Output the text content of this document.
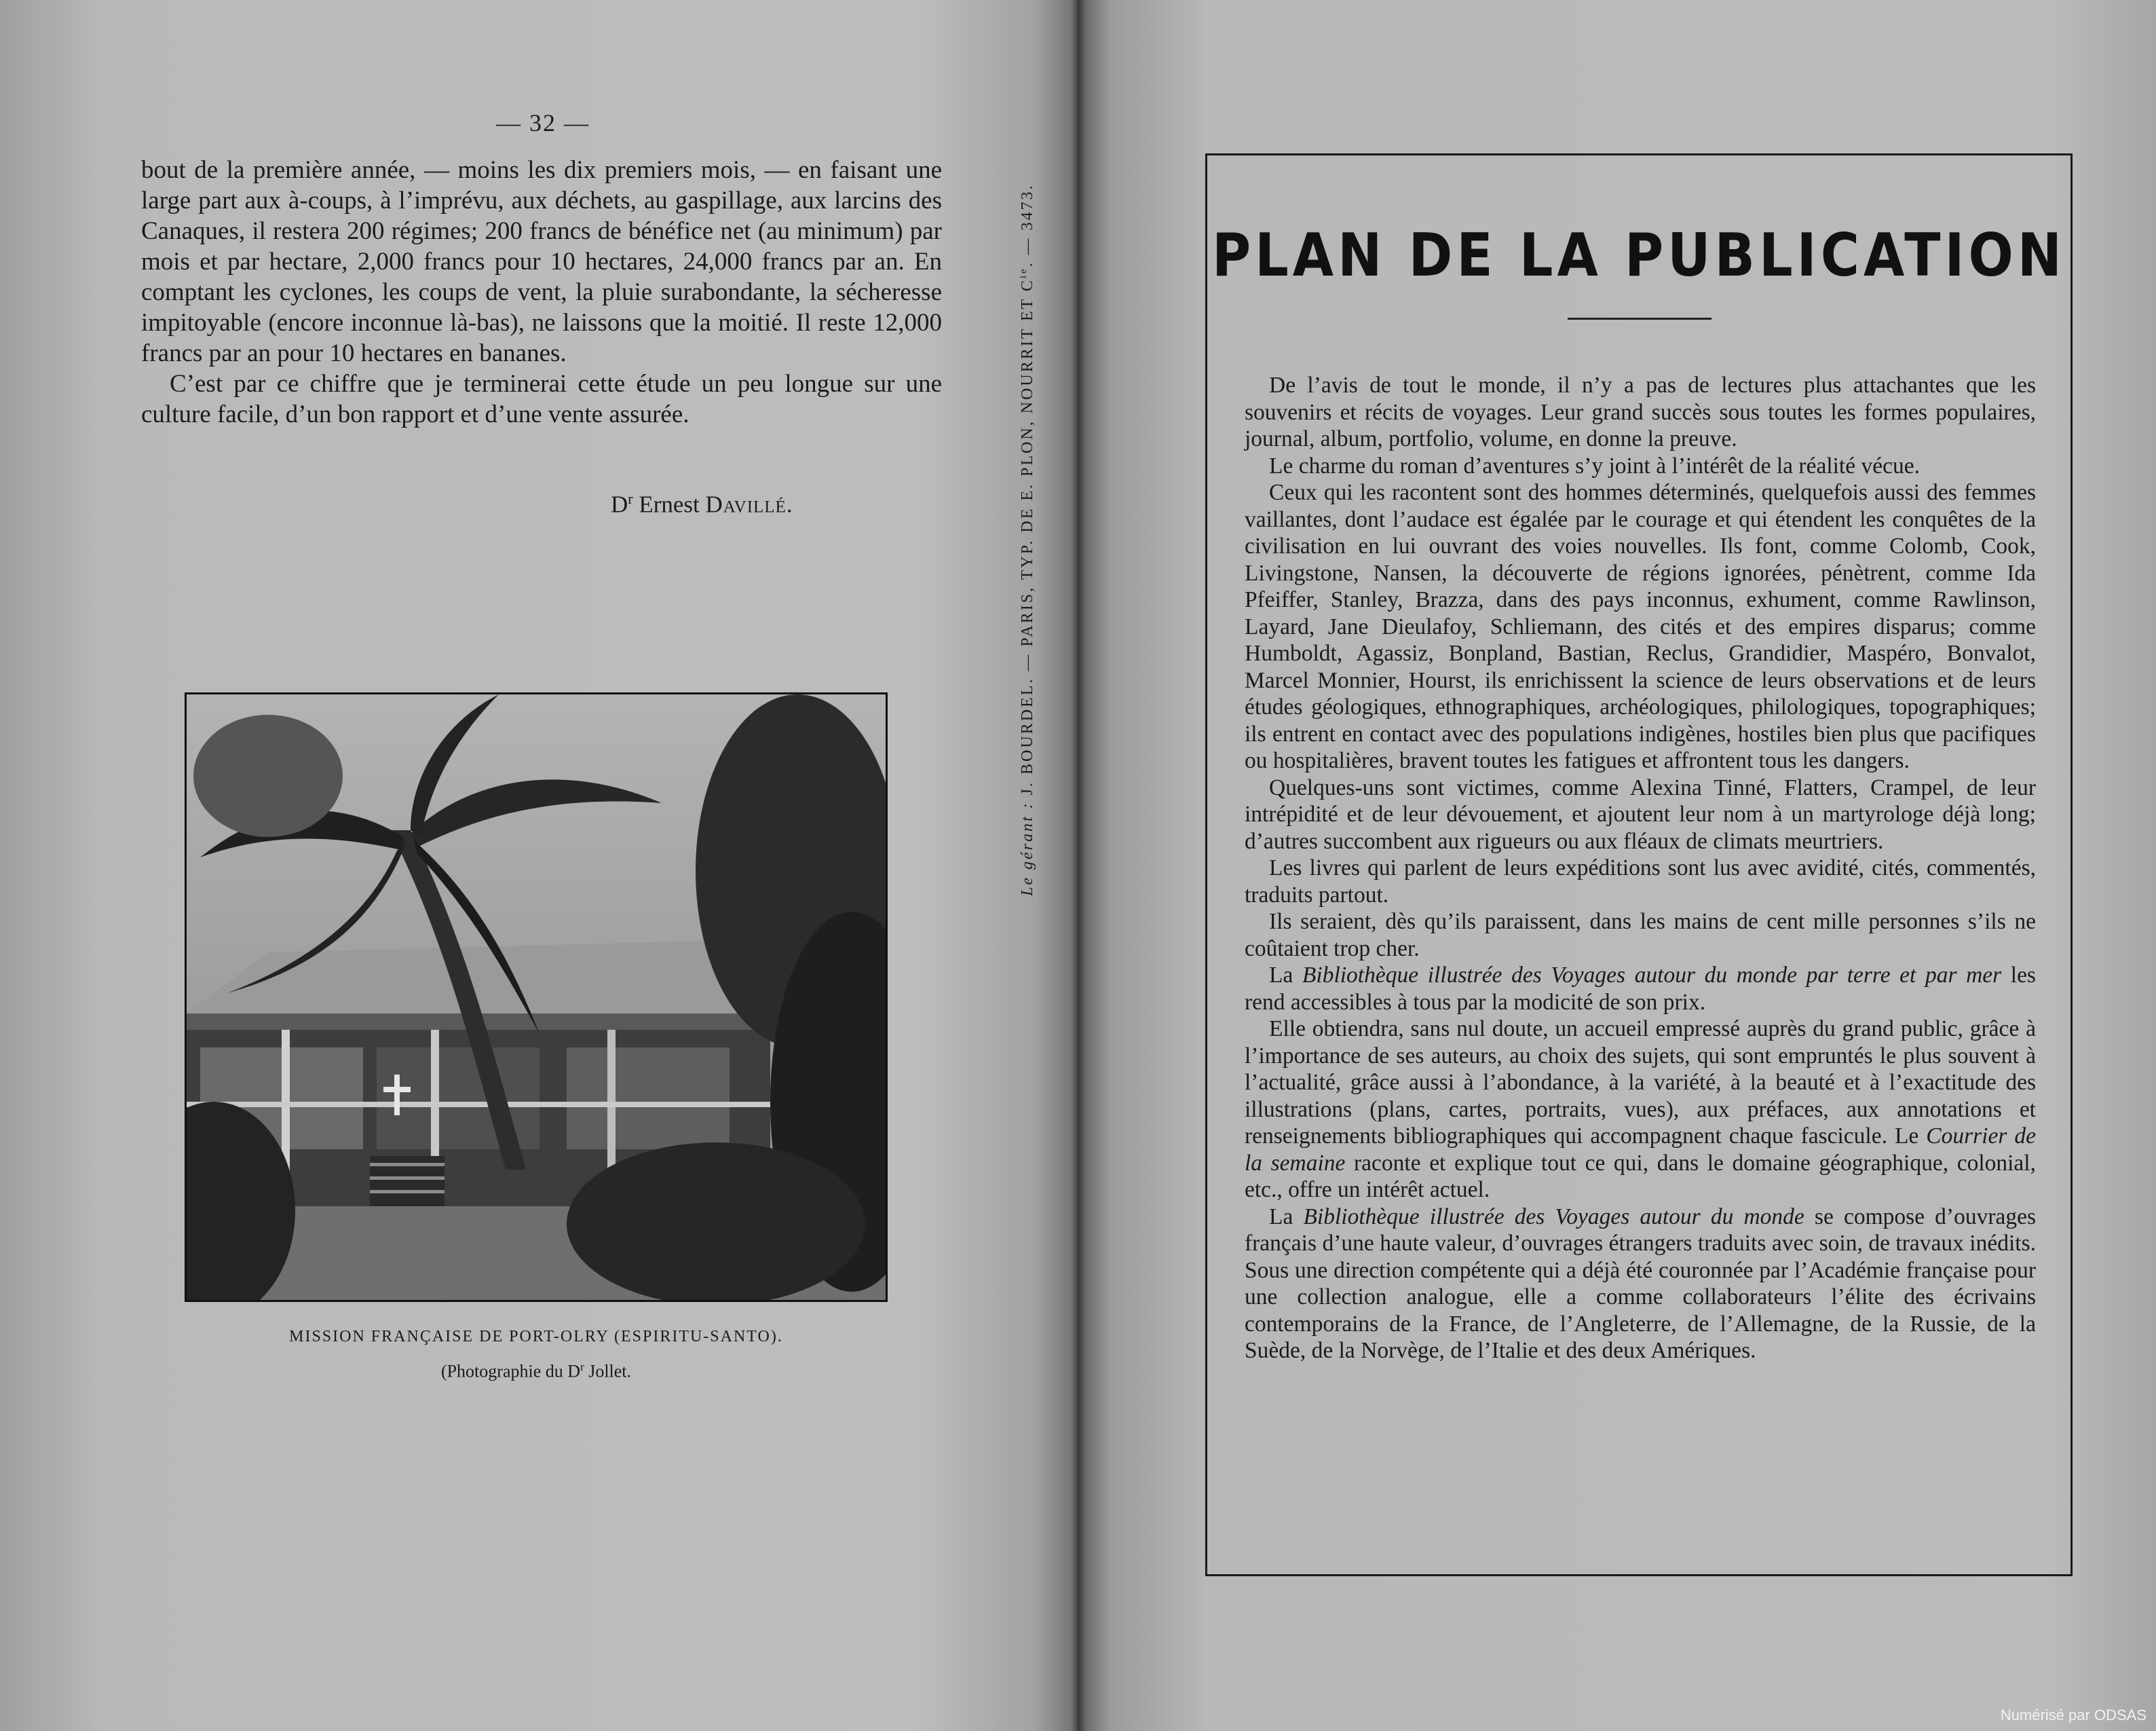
— 32 —

bout de la première année, — moins les dix premiers mois, — en faisant une large part aux à-coups, à l’imprévu, aux déchets, au gaspillage, aux larcins des Canaques, il restera 200 régimes; 200 francs de bénéfice net (au minimum) par mois et par hectare, 2,000 francs pour 10 hectares, 24,000 francs par an. En comptant les cyclones, les coups de vent, la pluie surabondante, la sécheresse impitoyable (encore inconnue là-bas), ne laissons que la moitié. Il reste 12,000 francs par an pour 10 hectares en bananes.

C’est par ce chiffre que je terminerai cette étude un peu longue sur une culture facile, d’un bon rapport et d’une vente assurée.

$D^r$ Ernest Davillé.
MISSION FRANÇAISE DE PORT-OLRY (ESPIRITU-SANTO).
(Photographie du $D^r$ Jollet.
Le gérant : J. BOURDEL. — PARIS, TYP. DE E. PLON, NOURRIT ET $C^{ie}$. — 3473.	PLAN DE LA PUBLICATION

De l’avis de tout le monde, il n’y a pas de lectures plus attachantes que les souvenirs et récits de voyages. Leur grand succès sous toutes les formes populaires, journal, album, portfolio, volume, en donne la preuve.

Le charme du roman d’aventures s’y joint à l’intérêt de la réalité vécue.

Ceux qui les racontent sont des hommes déterminés, quelquefois aussi des femmes vaillantes, dont l’audace est égalée par le courage et qui étendent les conquêtes de la civilisation en lui ouvrant des voies nouvelles. Ils font, comme Colomb, Cook, Livingstone, Nansen, la découverte de régions ignorées, pénètrent, comme Ida Pfeiffer, Stanley, Brazza, dans des pays inconnus, exhument, comme Rawlinson, Layard, Jane Dieulafoy, Schliemann, des cités et des empires disparus; comme Humboldt, Agassiz, Bonpland, Bastian, Reclus, Grandidier, Maspéro, Bonvalot, Marcel Monnier, Hourst, ils enrichissent la science de leurs observations et de leurs études géologiques, ethnographiques, archéologiques, philologiques, topographiques; ils entrent en contact avec des populations indigènes, hostiles bien plus que pacifiques ou hospitalières, bravent toutes les fatigues et affrontent tous les dangers.

Quelques-uns sont victimes, comme Alexina Tinné, Flatters, Crampel, de leur intrépidité et de leur dévouement, et ajoutent leur nom à un martyrologe déjà long; d’autres succombent aux rigueurs ou aux fléaux de climats meurtriers.

Les livres qui parlent de leurs expéditions sont lus avec avidité, cités, commentés, traduits partout.

Ils seraient, dès qu’ils paraissent, dans les mains de cent mille personnes s’ils ne coûtaient trop cher.

La Bibliothèque illustrée des Voyages autour du monde par terre et par mer les rend accessibles à tous par la modicité de son prix.

Elle obtiendra, sans nul doute, un accueil empressé auprès du grand public, grâce à l’importance de ses auteurs, au choix des sujets, qui sont empruntés le plus souvent à l’actualité, grâce aussi à l’abondance, à la variété, à la beauté et à l’exactitude des illustrations (plans, cartes, portraits, vues), aux préfaces, aux annotations et renseignements bibliographiques qui accompagnent chaque fascicule. Le Courrier de la semaine raconte et explique tout ce qui, dans le domaine géographique, colonial, etc., offre un intérêt actuel.

La Bibliothèque illustrée des Voyages autour du monde se compose d’ouvrages français d’une haute valeur, d’ouvrages étrangers traduits avec soin, de travaux inédits. Sous une direction compétente qui a déjà été couronnée par l’Académie française pour une collection analogue, elle a comme collaborateurs l’élite des écrivains contemporains de la France, de l’Angleterre, de l’Allemagne, de la Russie, de la Suède, de la Norvège, de l’Italie et des deux Amériques.

Numérisé par ODSAS
